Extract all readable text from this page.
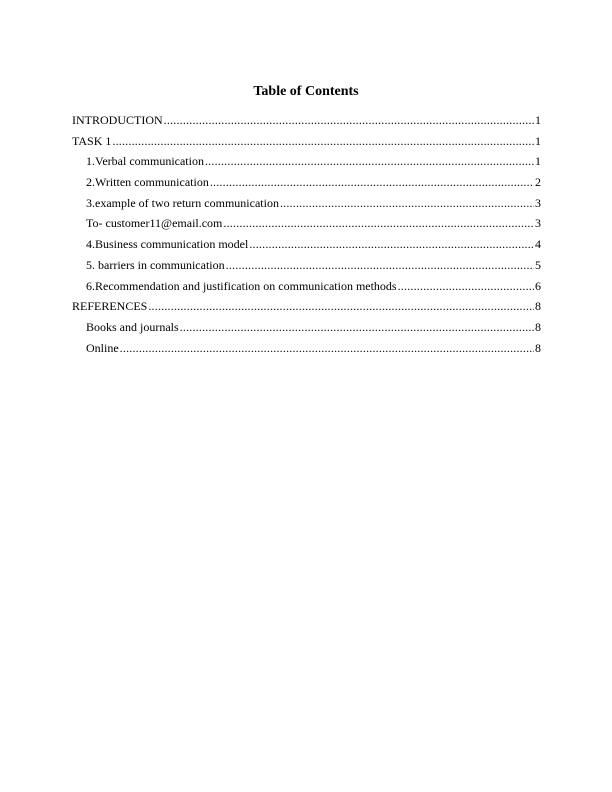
Table of Contents
INTRODUCTION .....	1
TASK 1 .....	1
1.Verbal communication .....	1
2.Written communication .....	2
3.example of two return communication .....	3
To- customer11@email.com .....	3
4.Business communication model .....	4
5. barriers in communication .....	5
6.Recommendation and justification on communication methods .....	6
REFERENCES .....	8
Books and journals .....	8
Online .....	8
